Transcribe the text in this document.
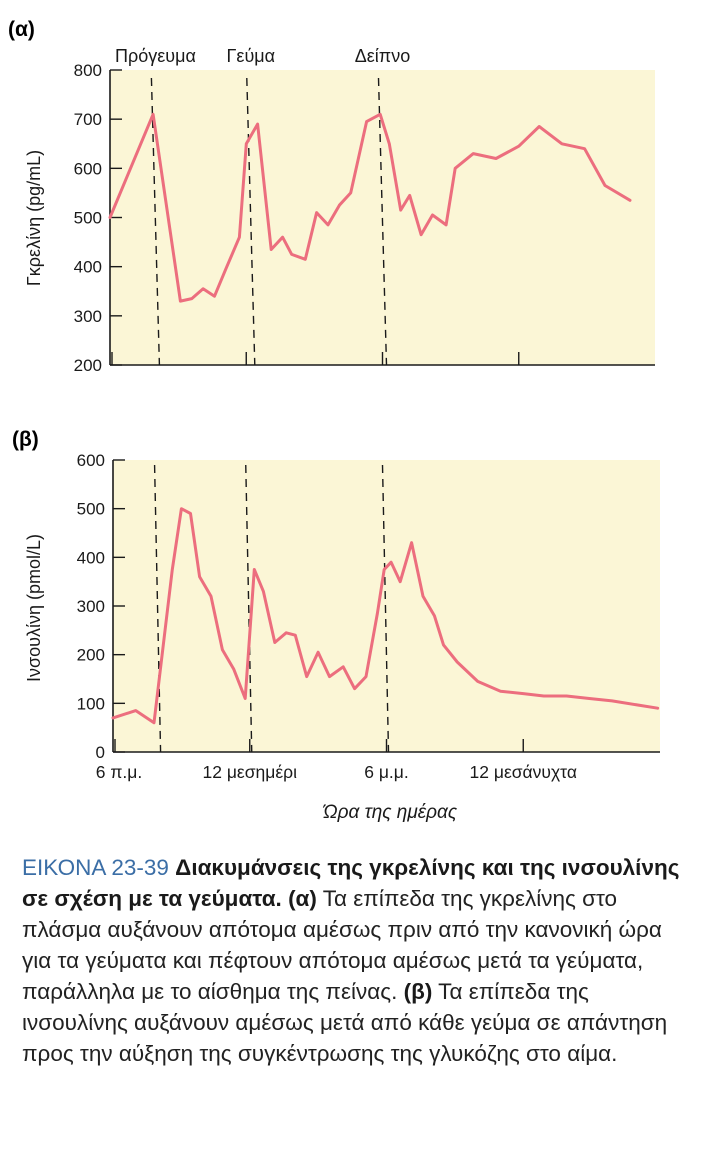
(α)
200
300
400
500
600
700
800
Πρόγευμα Γεύμα	Δείπνο
Γκρελίνη (pg/mL)
(β)
0
100
200
300
400
500
600
6 π.μ.	12 μεσημέρι	6 μ.μ.	12 μεσάνυχτα
Ινσουλίνη (pmol/L)
Ώρα της ημέρας
ΕΙΚΟΝΑ 23-39 Διακυμάνσεις της γκρελίνης και της ινσουλίνης σε σχέση με τα γεύματα. (α) Τα επίπεδα της γκρελίνης στο πλάσμα αυξάνουν απότομα αμέσως πριν από την κανονική ώρα για τα γεύματα και πέφτουν απότομα αμέσως μετά τα γεύματα, παράλληλα με το αίσθημα της πείνας. (β) Τα επίπεδα της ινσουλίνης αυξάνουν αμέσως μετά από κάθε γεύμα σε απάντηση προς την αύξηση της συγκέντρωσης της γλυκόζης στο αίμα.
